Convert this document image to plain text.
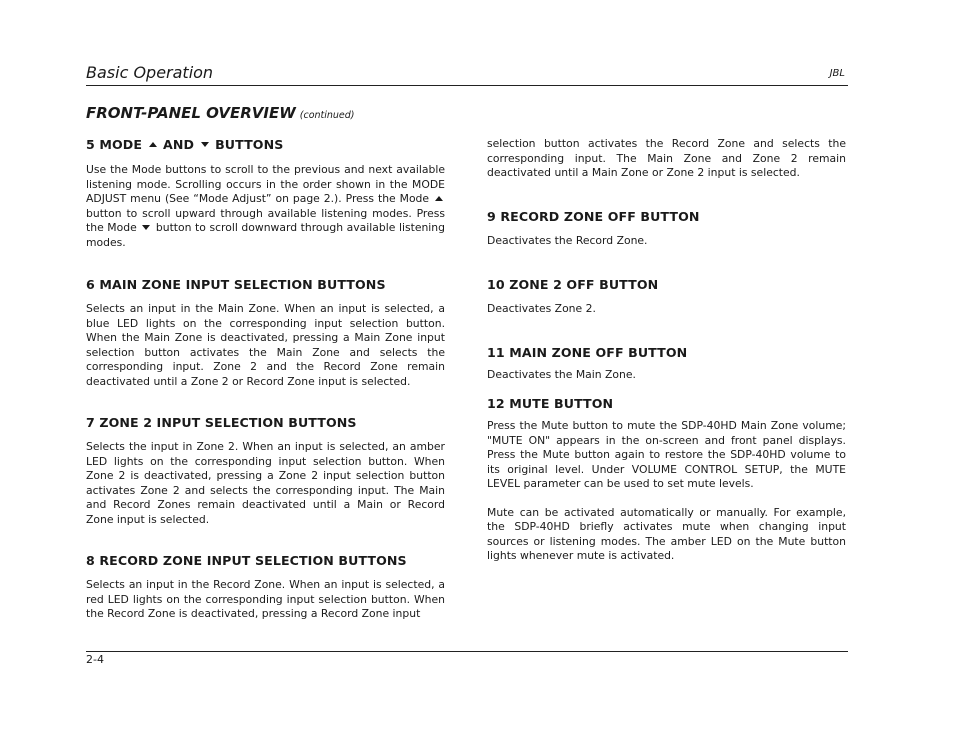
Basic Operation	JBL
FRONT-PANEL OVERVIEW (continued)
5 MODE AND BUTTONS

Use the Mode buttons to scroll to the previous and next available listening mode. Scrolling occurs in the order shown in the MODE ADJUST menu (See “Mode Adjust” on page 2.). Press the Mode  button to scroll upward through available listening modes. Press the Mode button to scroll downward through available listening modes.

6 MAIN ZONE INPUT SELECTION BUTTONS

Selects an input in the Main Zone. When an input is selected, a blue LED lights on the corresponding input selection button. When the Main Zone is deactivated, pressing a Main Zone input selection button activates the Main Zone and selects the corresponding input. Zone 2 and the Record Zone remain deactivated until a Zone 2 or Record Zone input is selected.

7 ZONE 2 INPUT SELECTION BUTTONS

Selects the input in Zone 2. When an input is selected, an amber LED lights on the corresponding input selection button. When Zone 2 is deactivated, pressing a Zone 2 input selection button activates Zone 2 and selects the corresponding input. The Main and Record Zones remain deactivated until a Main or Record Zone input is selected.

8 RECORD ZONE INPUT SELECTION BUTTONS

Selects an input in the Record Zone. When an input is selected, a red LED lights on the corresponding input selection button. When the Record Zone is deactivated, pressing a Record Zone input

selection button activates the Record Zone and selects the corresponding input. The Main Zone and Zone 2 remain deactivated until a Main Zone or Zone 2 input is selected.

9 RECORD ZONE OFF BUTTON

Deactivates the Record Zone.

10 ZONE 2 OFF BUTTON

Deactivates Zone 2.

11 MAIN ZONE OFF BUTTON

Deactivates the Main Zone.

12 MUTE BUTTON

Press the Mute button to mute the SDP-40HD Main Zone volume; "MUTE ON" appears in the on-screen and front panel displays. Press the Mute button again to restore the SDP-40HD volume to its original level. Under VOLUME CONTROL SETUP, the MUTE LEVEL parameter can be used to set mute levels.

Mute can be activated automatically or manually. For example, the SDP-40HD briefly activates mute when changing input sources or listening modes. The amber LED on the Mute button lights whenever mute is activated.

2-4
